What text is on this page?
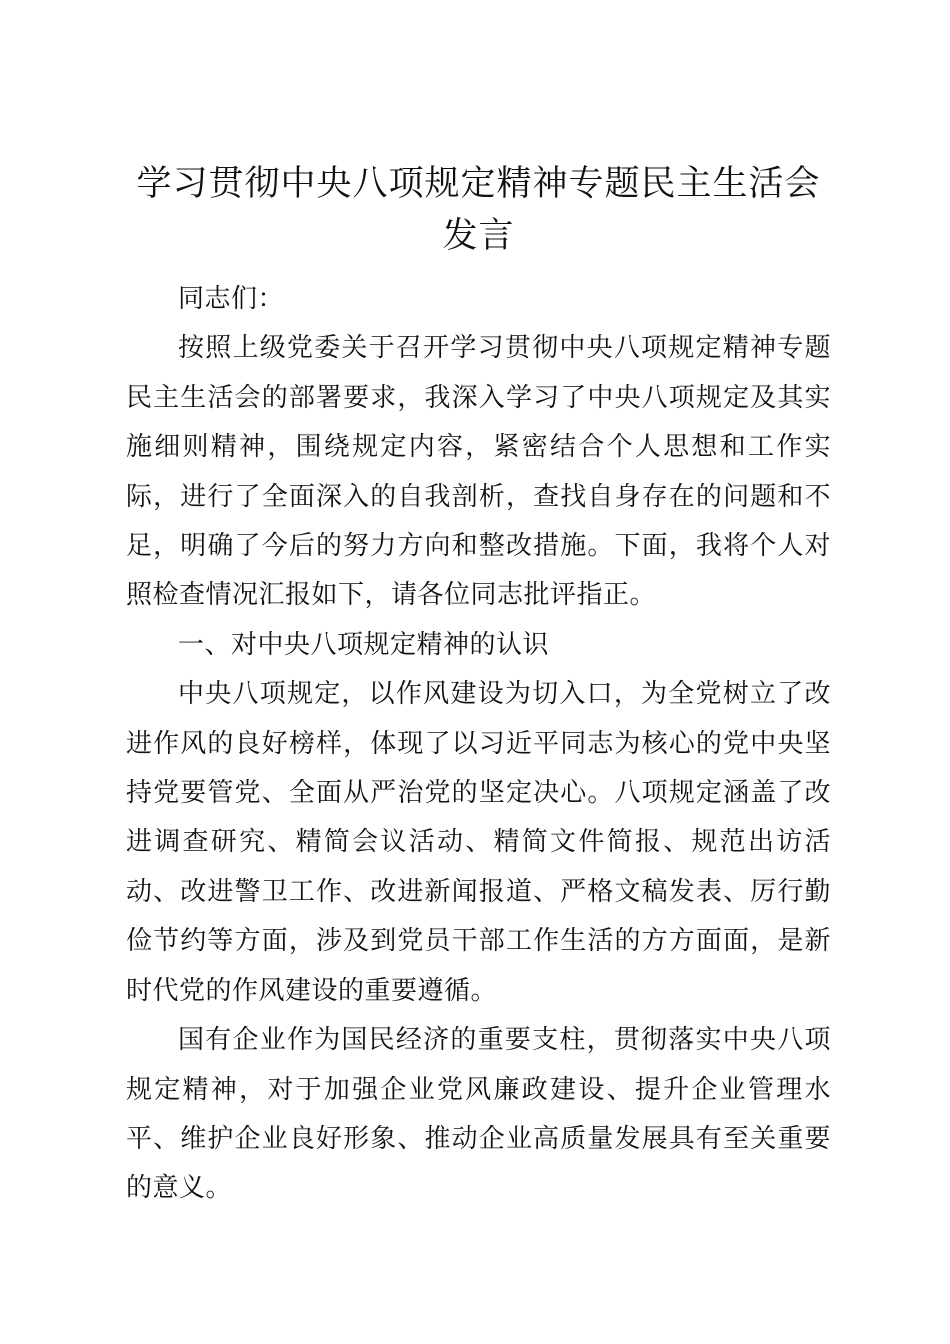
学习贯彻中央八项规定精神专题民主生活会发言

同志们：

按照上级党委关于召开学习贯彻中央八项规定精神专题民主生活会的部署要求，我深入学习了中央八项规定及其实施细则精神，围绕规定内容，紧密结合个人思想和工作实际，进行了全面深入的自我剖析，查找自身存在的问题和不足，明确了今后的努力方向和整改措施。下面，我将个人对照检查情况汇报如下，请各位同志批评指正。

一、对中央八项规定精神的认识

中央八项规定，以作风建设为切入口，为全党树立了改进作风的良好榜样，体现了以习近平同志为核心的党中央坚持党要管党、全面从严治党的坚定决心。八项规定涵盖了改进调查研究、精简会议活动、精简文件简报、规范出访活动、改进警卫工作、改进新闻报道、严格文稿发表、厉行勤俭节约等方面，涉及到党员干部工作生活的方方面面，是新时代党的作风建设的重要遵循。

国有企业作为国民经济的重要支柱，贯彻落实中央八项规定精神，对于加强企业党风廉政建设、提升企业管理水平、维护企业良好形象、推动企业高质量发展具有至关重要的意义。
